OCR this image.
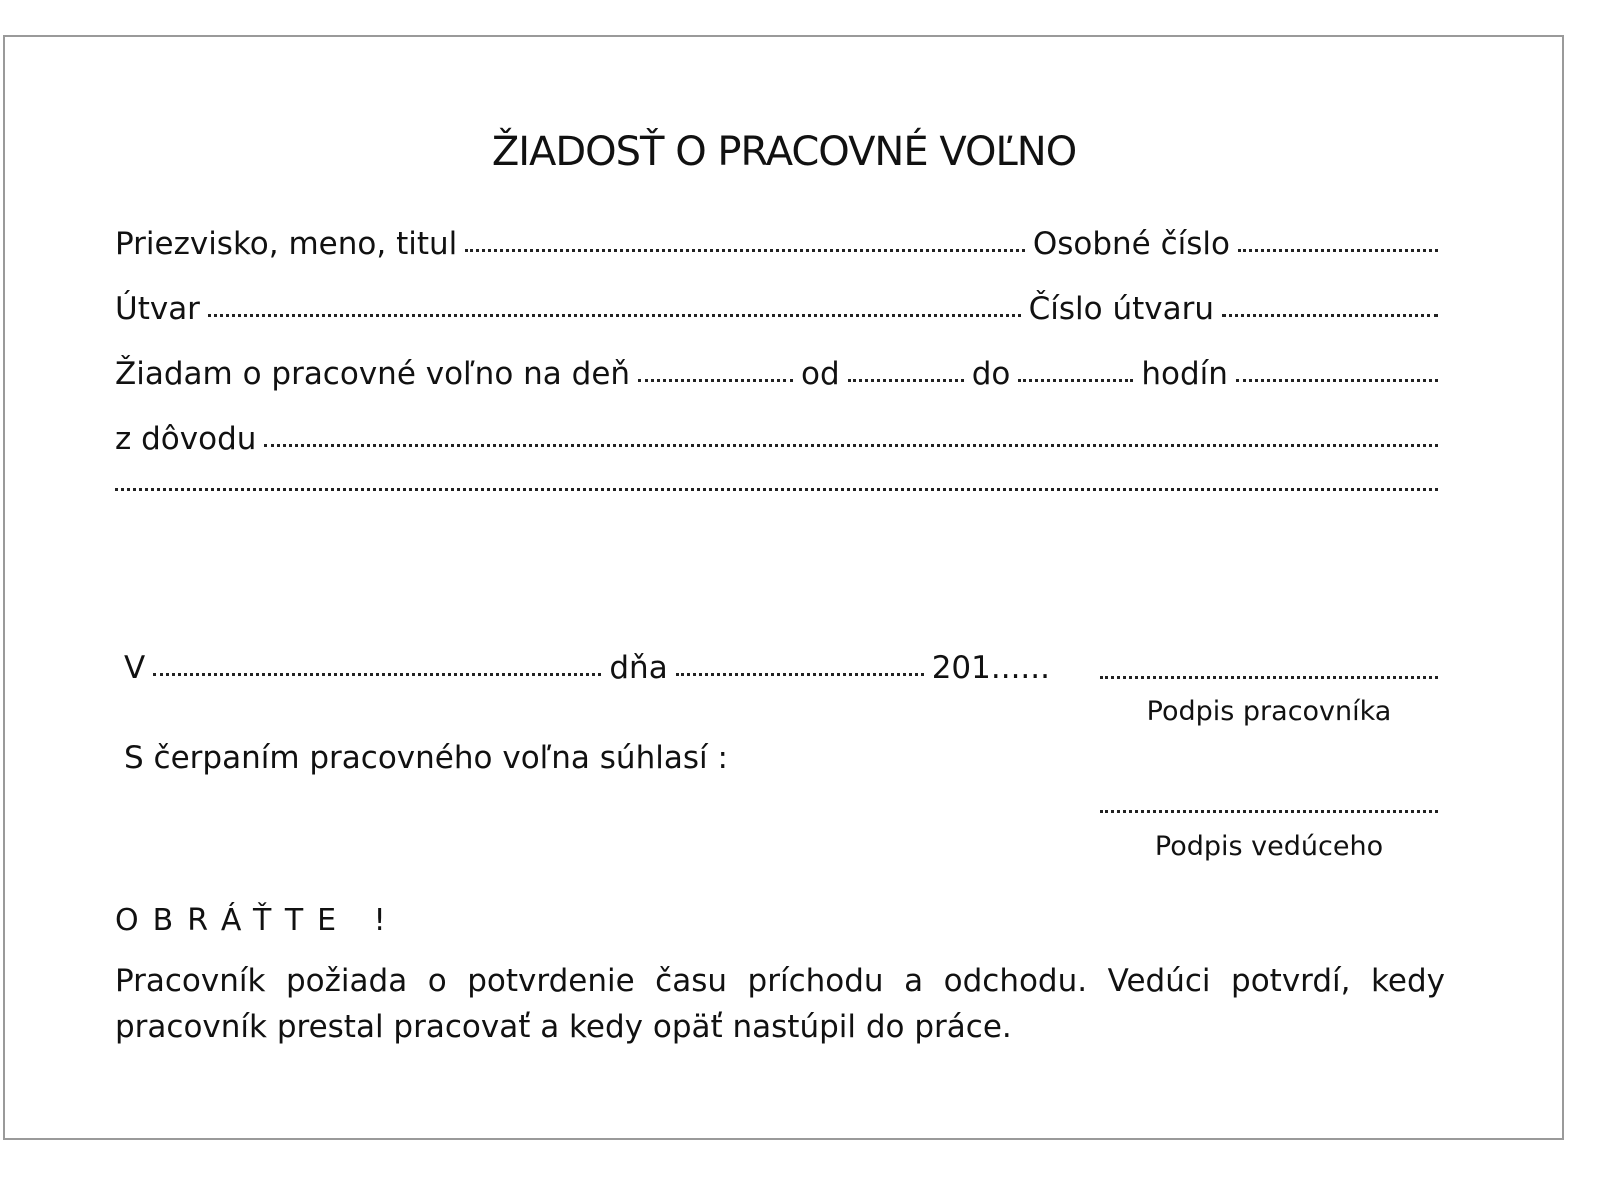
ŽIADOSŤ O PRACOVNÉ VOĽNO
Priezvisko, meno, titul	Osobné číslo
Útvar	Číslo útvaru
Žiadam o pracovné voľno na deň	od	do	hodín
z dôvodu
V	dňa	201......
Podpis pracovníka
S čerpaním pracovného voľna súhlasí :
Podpis vedúceho
OBRÁŤTE !
Pracovník požiada o potvrdenie času príchodu a odchodu. Vedúci potvrdí, kedy pracovník prestal pracovať a kedy opäť nastúpil do práce.
